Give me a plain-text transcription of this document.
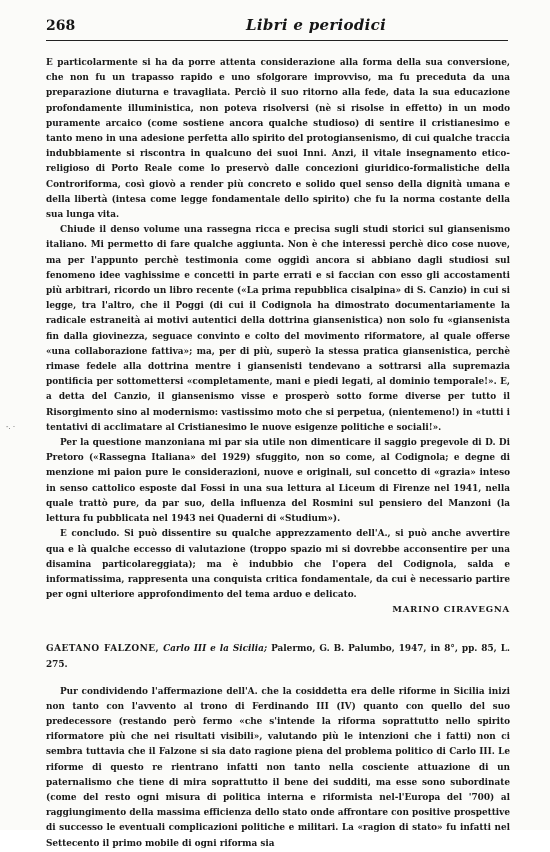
268	Libri e periodici
-. ·

E particolarmente si ha da porre attenta considerazione alla forma della sua conversione, che non fu un trapasso rapido e uno sfolgorare improvviso, ma fu preceduta da una preparazione diuturna e travagliata. Perciò il suo ritorno alla fede, data la sua educazione profondamente illuministica, non poteva risolversi (nè si risolse in effetto) in un modo puramente arcaico (come sostiene ancora qualche studioso) di sentire il cristianesimo e tanto meno in una adesione perfetta allo spirito del protogiansenismo, di cui qualche traccia indubbiamente si riscontra in qualcuno dei suoi Inni. Anzi, il vitale insegnamento etico-religioso di Porto Reale come lo preservò dalle concezioni giuridico-formalistiche della Controriforma, così giovò a render più concreto e solido quel senso della dignità umana e della libertà (intesa come legge fondamentale dello spirito) che fu la norma costante della sua lunga vita.

Chiude il denso volume una rassegna ricca e precisa sugli studi storici sul giansenismo italiano. Mi permetto di fare qualche aggiunta. Non è che interessi perchè dico cose nuove, ma per l'appunto perchè testimonia come oggidì ancora si abbiano dagli studiosi sul fenomeno idee vaghissime e concetti in parte errati e si faccian con esso gli accostamenti più arbitrari, ricordo un libro recente («La prima repubblica cisalpina» di S. Canzio) in cui si legge, tra l'altro, che il Poggi (di cui il Codignola ha dimostrato documentariamente la radicale estraneità ai motivi autentici della dottrina giansenistica) non solo fu «giansenista fin dalla giovinezza, seguace convinto e colto del movimento riformatore, al quale offerse «una collaborazione fattiva»; ma, per di più, superò la stessa pratica giansenistica, perchè rimase fedele alla dottrina mentre i giansenisti tendevano a sottrarsi alla supremazia pontificia per sottomettersi «completamente, mani e piedi legati, al dominio temporale!». E, a detta del Canzio, il giansenismo visse e prosperò sotto forme diverse per tutto il Risorgimento sino al modernismo: vastissimo moto che si perpetua, (nientemeno!) in «tutti i tentativi di acclimatare al Cristianesimo le nuove esigenze politiche e sociali!».

Per la questione manzoniana mi par sia utile non dimenticare il saggio pregevole di D. Di Pretoro («Rassegna Italiana» del 1929) sfuggito, non so come, al Codignola; e degne di menzione mi paion pure le considerazioni, nuove e originali, sul concetto di «grazia» inteso in senso cattolico esposte dal Fossi in una sua lettura al Liceum di Firenze nel 1941, nella quale trattò pure, da par suo, della influenza del Rosmini sul pensiero del Manzoni (la lettura fu pubblicata nel 1943 nei Quaderni di «Studium»).

E concludo. Si può dissentire su qualche apprezzamento dell'A., si può anche avvertire qua e là qualche eccesso di valutazione (troppo spazio mi si dovrebbe acconsentire per una disamina particolareggiata); ma è indubbio che l'opera del Codignola, salda e informatissima, rappresenta una conquista critica fondamentale, da cui è necessario partire per ogni ulteriore approfondimento del tema arduo e delicato.

MARINO CIRAVEGNA

GAETANO FALZONE, Carlo III e la Sicilia; Palermo, G. B. Palumbo, 1947, in 8°, pp. 85, L. 275.

Pur condividendo l'affermazione dell'A. che la cosiddetta era delle riforme in Sicilia inizi non tanto con l'avvento al trono di Ferdinando III (IV) quanto con quello del suo predecessore (restando però fermo «che s'intende la riforma soprattutto nello spirito riformatore più che nei risultati visibili», valutando più le intenzioni che i fatti) non ci sembra tuttavia che il Falzone si sia dato ragione piena del problema politico di Carlo III. Le riforme di questo re rientrano infatti non tanto nella cosciente attuazione di un paternalismo che tiene di mira soprattutto il bene dei sudditi, ma esse sono subordinate (come del resto ogni misura di politica interna e riformista nel-l'Europa del '700) al raggiungimento della massima efficienza dello stato onde affrontare con positive prospettive di successo le eventuali complicazioni politiche e militari. La «ragion di stato» fu infatti nel Settecento il primo mobile di ogni riforma sia
